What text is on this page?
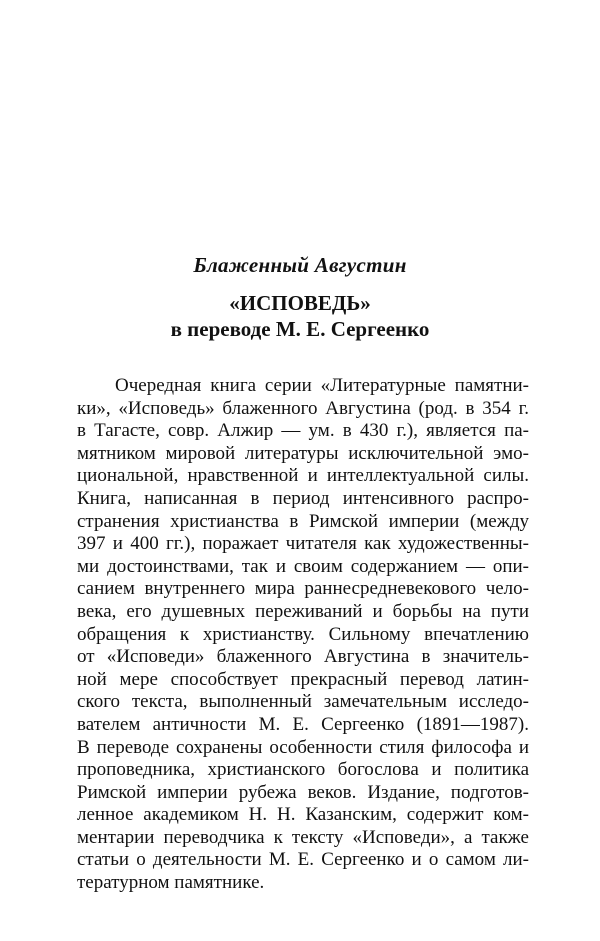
Блаженный Августин

«ИСПОВЕДЬ»
в переводе М. Е. Сергеенко
Очередная книга серии «Литературные памятни-
ки», «Исповедь» блаженного Августина (род. в 354 г.
в Тагасте, совр. Алжир — ум. в 430 г.), является па-
мятником мировой литературы исключительной эмо-
циональной, нравственной и интеллектуальной силы.
Книга, написанная в период интенсивного распро-
странения христианства в Римской империи (между
397 и 400 гг.), поражает читателя как художественны-
ми достоинствами, так и своим содержанием — опи-
санием внутреннего мира раннесредневекового чело-
века, его душевных переживаний и борьбы на пути
обращения к христианству. Сильному впечатлению
от «Исповеди» блаженного Августина в значитель-
ной мере способствует прекрасный перевод латин-
ского текста, выполненный замечательным исследо-
вателем античности М. Е. Сергеенко (1891—1987).
В переводе сохранены особенности стиля философа и
проповедника, христианского богослова и политика
Римской империи рубежа веков. Издание, подготов-
ленное академиком Н. Н. Казанским, содержит ком-
ментарии переводчика к тексту «Исповеди», а также
статьи о деятельности М. Е. Сергеенко и о самом ли-
тературном памятнике.
